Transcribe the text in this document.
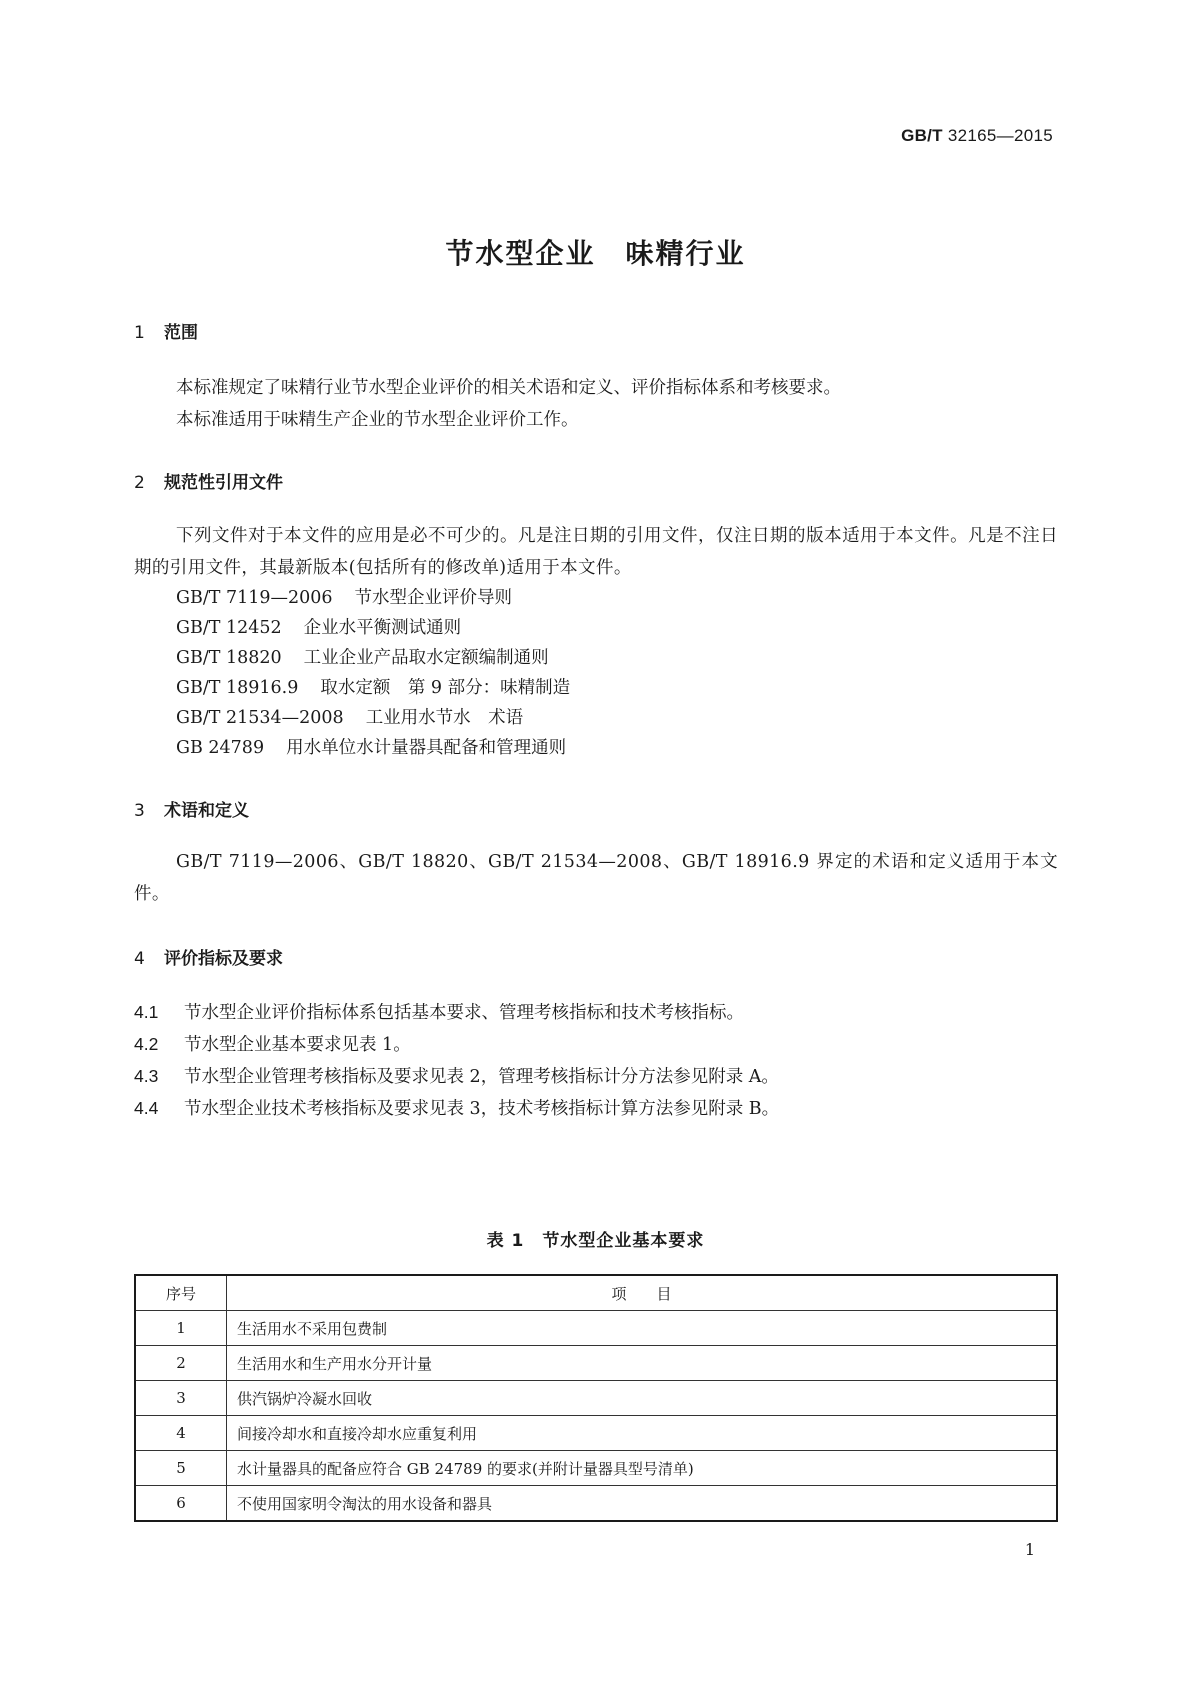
GB/T 32165—2015
节水型企业　味精行业
1 范围
本标准规定了味精行业节水型企业评价的相关术语和定义、评价指标体系和考核要求。
本标准适用于味精生产企业的节水型企业评价工作。
2 规范性引用文件
下列文件对于本文件的应用是必不可少的。凡是注日期的引用文件，仅注日期的版本适用于本文件。凡是不注日期的引用文件，其最新版本(包括所有的修改单)适用于本文件。
GB/T 7119—2006 节水型企业评价导则
GB/T 12452 企业水平衡测试通则
GB/T 18820 工业企业产品取水定额编制通则
GB/T 18916.9 取水定额　第 9 部分：味精制造
GB/T 21534—2008 工业用水节水　术语
GB 24789 用水单位水计量器具配备和管理通则
3 术语和定义
GB/T 7119—2006、GB/T 18820、GB/T 21534—2008、GB/T 18916.9 界定的术语和定义适用于本文件。
4 评价指标及要求
4.1 节水型企业评价指标体系包括基本要求、管理考核指标和技术考核指标。
4.2 节水型企业基本要求见表 1。
4.3 节水型企业管理考核指标及要求见表 2，管理考核指标计分方法参见附录 A。
4.4 节水型企业技术考核指标及要求见表 3，技术考核指标计算方法参见附录 B。
表 1　节水型企业基本要求
序号	项　　目
1	生活用水不采用包费制
2	生活用水和生产用水分开计量
3	供汽锅炉冷凝水回收
4	间接冷却水和直接冷却水应重复利用
5	水计量器具的配备应符合 GB 24789 的要求(并附计量器具型号清单)
6	不使用国家明令淘汰的用水设备和器具
1
